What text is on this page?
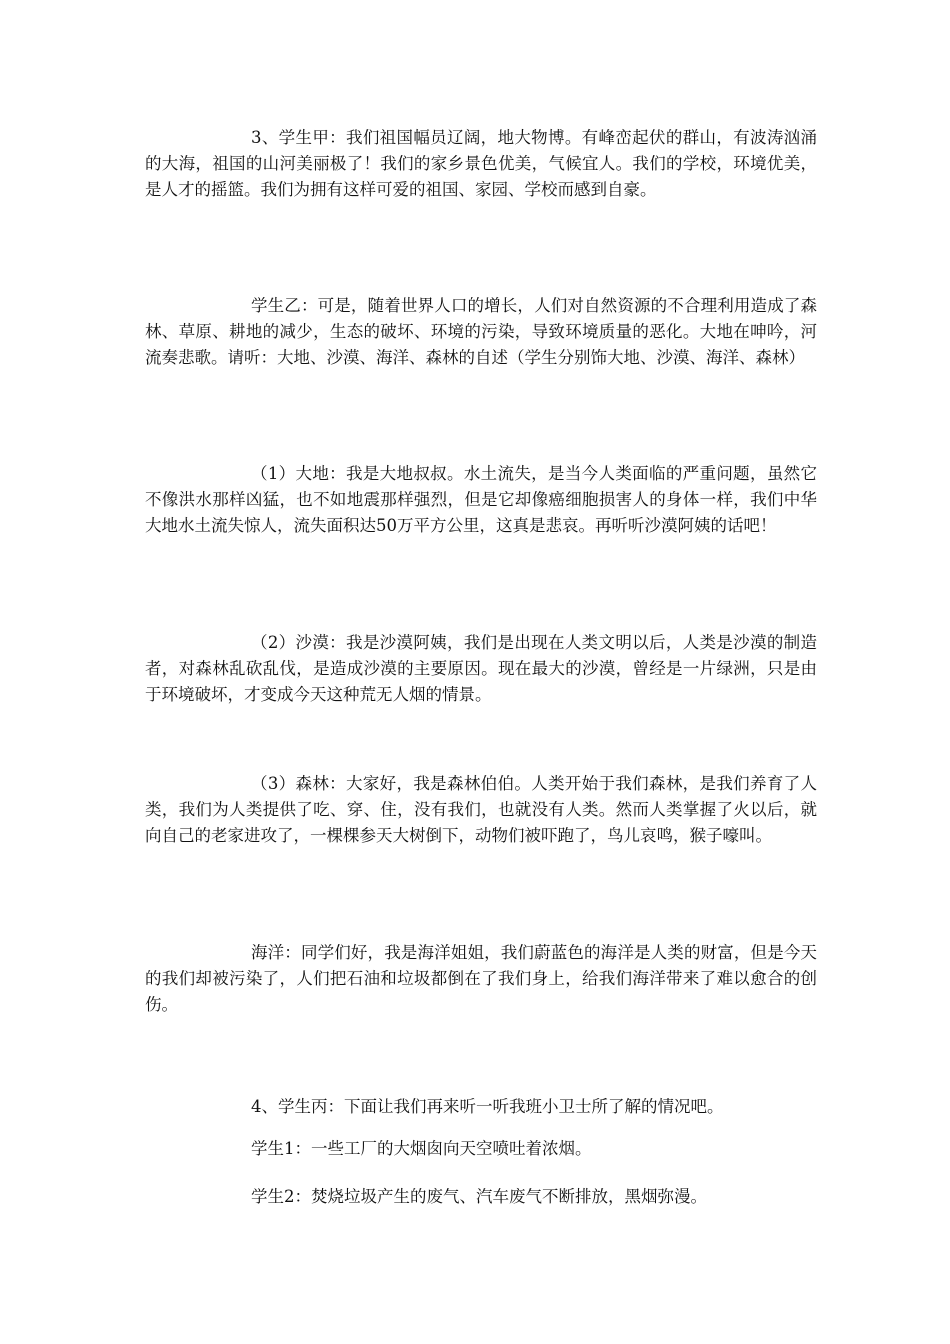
3、学生甲：我们祖国幅员辽阔，地大物博。有峰峦起伏的群山，有波涛汹涌的大海，祖国的山河美丽极了！我们的家乡景色优美，气候宜人。我们的学校，环境优美，是人才的摇篮。我们为拥有这样可爱的祖国、家园、学校而感到自豪。

学生乙：可是，随着世界人口的增长，人们对自然资源的不合理利用造成了森林、草原、耕地的减少，生态的破坏、环境的污染，导致环境质量的恶化。大地在呻吟，河流奏悲歌。请听：大地、沙漠、海洋、森林的自述（学生分别饰大地、沙漠、海洋、森林）

（1）大地：我是大地叔叔。水土流失，是当今人类面临的严重问题，虽然它不像洪水那样凶猛，也不如地震那样强烈，但是它却像癌细胞损害人的身体一样，我们中华大地水土流失惊人，流失面积达50万平方公里，这真是悲哀。再听听沙漠阿姨的话吧！

（2）沙漠：我是沙漠阿姨，我们是出现在人类文明以后，人类是沙漠的制造者，对森林乱砍乱伐，是造成沙漠的主要原因。现在最大的沙漠，曾经是一片绿洲，只是由于环境破坏，才变成今天这种荒无人烟的情景。

（3）森林：大家好，我是森林伯伯。人类开始于我们森林，是我们养育了人类，我们为人类提供了吃、穿、住，没有我们，也就没有人类。然而人类掌握了火以后，就向自己的老家进攻了，一棵棵参天大树倒下，动物们被吓跑了，鸟儿哀鸣，猴子嚎叫。

海洋：同学们好，我是海洋姐姐，我们蔚蓝色的海洋是人类的财富，但是今天的我们却被污染了，人们把石油和垃圾都倒在了我们身上，给我们海洋带来了难以愈合的创伤。

4、学生丙：下面让我们再来听一听我班小卫士所了解的情况吧。

学生1：一些工厂的大烟囱向天空喷吐着浓烟。

学生2：焚烧垃圾产生的废气、汽车废气不断排放，黑烟弥漫。
